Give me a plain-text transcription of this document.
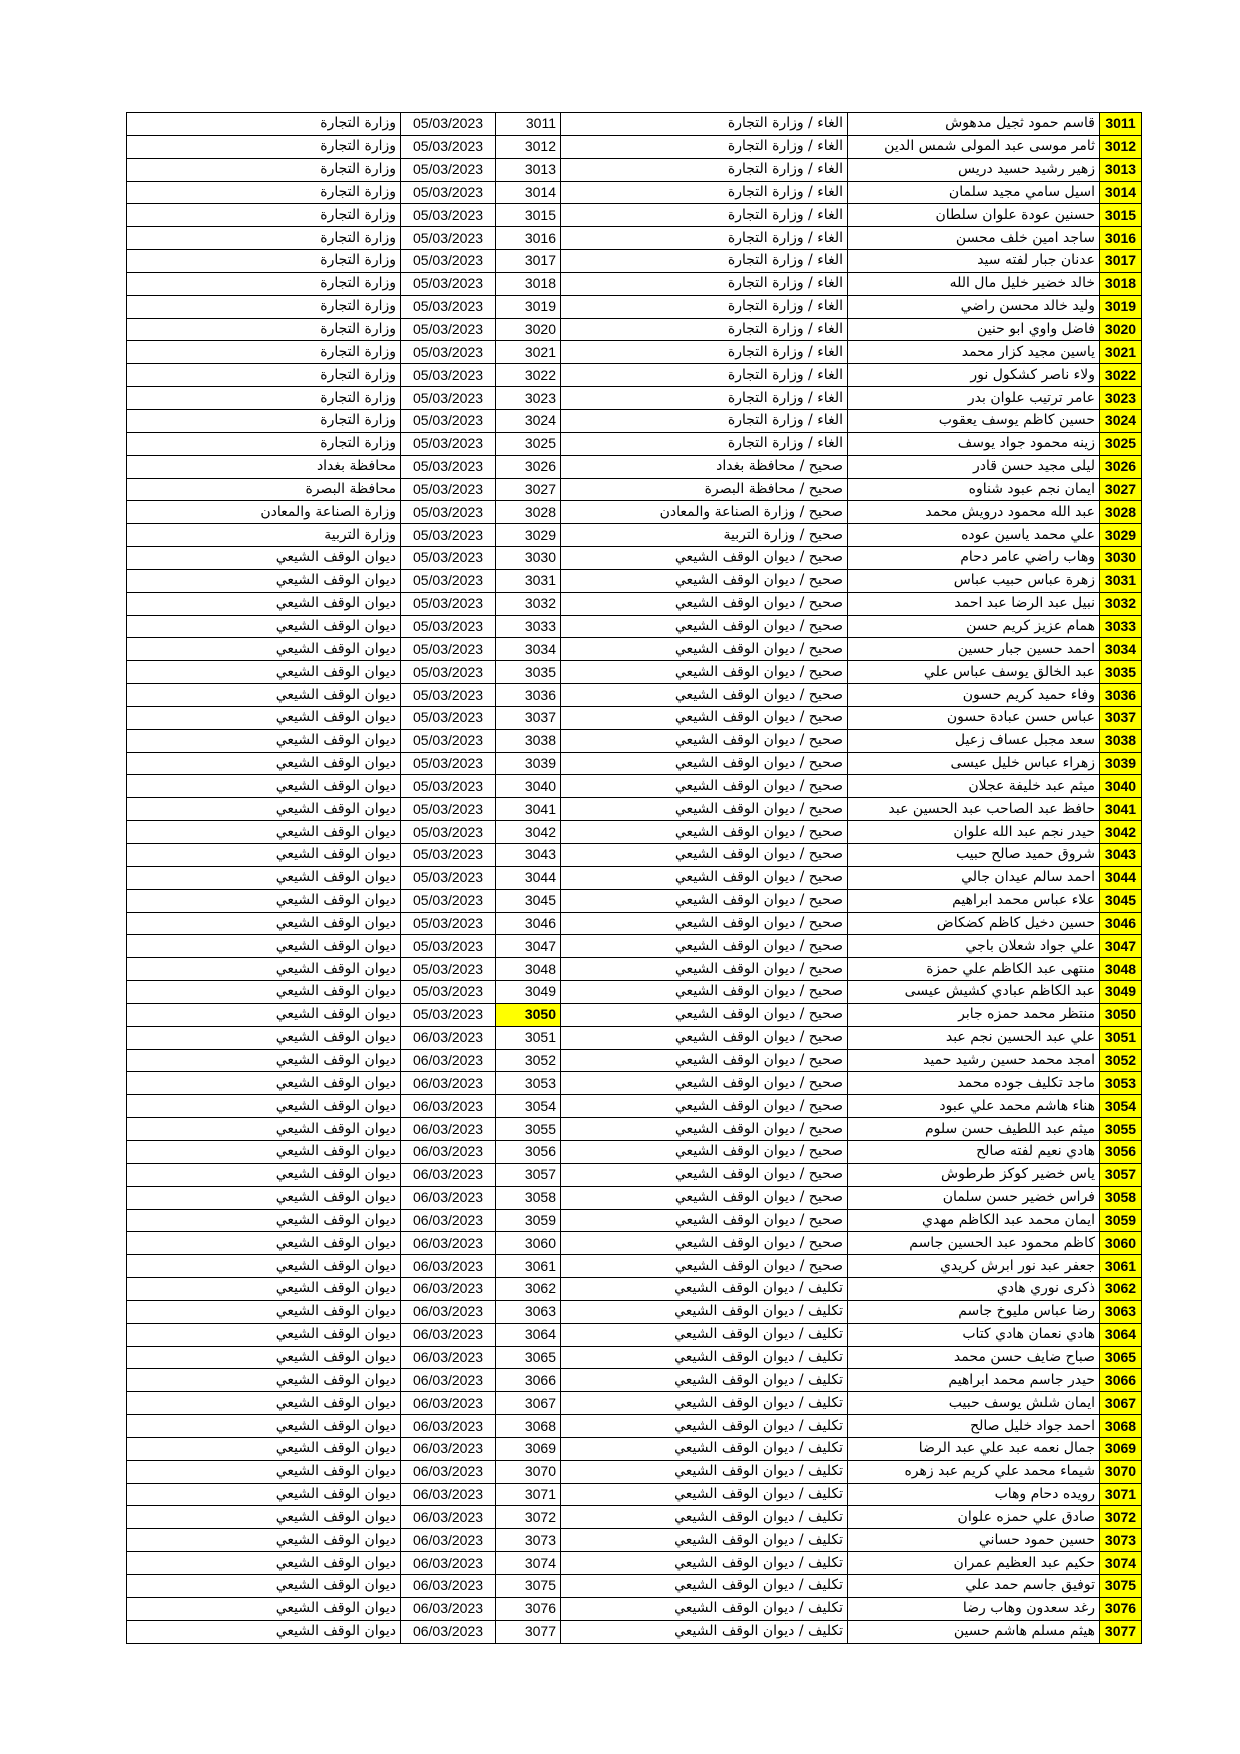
وزارة التجارة	05/03/2023	3011	الغاء / وزارة التجارة	قاسم حمود ثجيل مدهوش	3011
وزارة التجارة	05/03/2023	3012	الغاء / وزارة التجارة	ثامر موسى عبد المولى شمس الدين	3012
وزارة التجارة	05/03/2023	3013	الغاء / وزارة التجارة	زهير رشيد حسيد دريس	3013
وزارة التجارة	05/03/2023	3014	الغاء / وزارة التجارة	اسيل سامي مجيد سلمان	3014
وزارة التجارة	05/03/2023	3015	الغاء / وزارة التجارة	حسنين عودة علوان سلطان	3015
وزارة التجارة	05/03/2023	3016	الغاء / وزارة التجارة	ساجد امين خلف محسن	3016
وزارة التجارة	05/03/2023	3017	الغاء / وزارة التجارة	عدنان جبار لفته سيد	3017
وزارة التجارة	05/03/2023	3018	الغاء / وزارة التجارة	خالد خضير خليل مال الله	3018
وزارة التجارة	05/03/2023	3019	الغاء / وزارة التجارة	وليد خالد محسن راضي	3019
وزارة التجارة	05/03/2023	3020	الغاء / وزارة التجارة	فاضل واوي ابو حنين	3020
وزارة التجارة	05/03/2023	3021	الغاء / وزارة التجارة	ياسين مجيد كزار محمد	3021
وزارة التجارة	05/03/2023	3022	الغاء / وزارة التجارة	ولاء ناصر كشكول نور	3022
وزارة التجارة	05/03/2023	3023	الغاء / وزارة التجارة	عامر ترتيب علوان بدر	3023
وزارة التجارة	05/03/2023	3024	الغاء / وزارة التجارة	حسين كاظم يوسف يعقوب	3024
وزارة التجارة	05/03/2023	3025	الغاء / وزارة التجارة	زينه محمود جواد يوسف	3025
محافظة بغداد	05/03/2023	3026	صحيح / محافظة بغداد	ليلى مجيد حسن قادر	3026
محافظة البصرة	05/03/2023	3027	صحيح / محافظة البصرة	ايمان نجم عبود شناوه	3027
وزارة الصناعة والمعادن	05/03/2023	3028	صحيح / وزارة الصناعة والمعادن	عبد الله محمود درويش محمد	3028
وزارة التربية	05/03/2023	3029	صحيح / وزارة التربية	علي محمد ياسين عوده	3029
ديوان الوقف الشيعي	05/03/2023	3030	صحيح / ديوان الوقف الشيعي	وهاب راضي عامر دحام	3030
ديوان الوقف الشيعي	05/03/2023	3031	صحيح / ديوان الوقف الشيعي	زهرة عباس حبيب عباس	3031
ديوان الوقف الشيعي	05/03/2023	3032	صحيح / ديوان الوقف الشيعي	نبيل عبد الرضا عبد احمد	3032
ديوان الوقف الشيعي	05/03/2023	3033	صحيح / ديوان الوقف الشيعي	همام عزيز كريم حسن	3033
ديوان الوقف الشيعي	05/03/2023	3034	صحيح / ديوان الوقف الشيعي	احمد حسين جبار حسين	3034
ديوان الوقف الشيعي	05/03/2023	3035	صحيح / ديوان الوقف الشيعي	عبد الخالق يوسف عباس علي	3035
ديوان الوقف الشيعي	05/03/2023	3036	صحيح / ديوان الوقف الشيعي	وفاء حميد كريم حسون	3036
ديوان الوقف الشيعي	05/03/2023	3037	صحيح / ديوان الوقف الشيعي	عباس حسن عبادة حسون	3037
ديوان الوقف الشيعي	05/03/2023	3038	صحيح / ديوان الوقف الشيعي	سعد مجبل عساف زعيل	3038
ديوان الوقف الشيعي	05/03/2023	3039	صحيح / ديوان الوقف الشيعي	زهراء عباس خليل عيسى	3039
ديوان الوقف الشيعي	05/03/2023	3040	صحيح / ديوان الوقف الشيعي	ميثم عبد خليفة عجلان	3040
ديوان الوقف الشيعي	05/03/2023	3041	صحيح / ديوان الوقف الشيعي	حافظ عبد الصاحب عبد الحسين عبد	3041
ديوان الوقف الشيعي	05/03/2023	3042	صحيح / ديوان الوقف الشيعي	حيدر نجم عبد الله علوان	3042
ديوان الوقف الشيعي	05/03/2023	3043	صحيح / ديوان الوقف الشيعي	شروق حميد صالح حبيب	3043
ديوان الوقف الشيعي	05/03/2023	3044	صحيح / ديوان الوقف الشيعي	احمد سالم عيدان جالي	3044
ديوان الوقف الشيعي	05/03/2023	3045	صحيح / ديوان الوقف الشيعي	علاء عباس محمد ابراهيم	3045
ديوان الوقف الشيعي	05/03/2023	3046	صحيح / ديوان الوقف الشيعي	حسين دخيل كاظم كضكاض	3046
ديوان الوقف الشيعي	05/03/2023	3047	صحيح / ديوان الوقف الشيعي	علي جواد شعلان باجي	3047
ديوان الوقف الشيعي	05/03/2023	3048	صحيح / ديوان الوقف الشيعي	منتهى عبد الكاظم علي حمزة	3048
ديوان الوقف الشيعي	05/03/2023	3049	صحيح / ديوان الوقف الشيعي	عبد الكاظم عبادي كشيش عيسى	3049
ديوان الوقف الشيعي	05/03/2023	3050	صحيح / ديوان الوقف الشيعي	منتظر محمد حمزه جابر	3050
ديوان الوقف الشيعي	06/03/2023	3051	صحيح / ديوان الوقف الشيعي	علي عبد الحسين نجم عبد	3051
ديوان الوقف الشيعي	06/03/2023	3052	صحيح / ديوان الوقف الشيعي	امجد محمد حسين رشيد حميد	3052
ديوان الوقف الشيعي	06/03/2023	3053	صحيح / ديوان الوقف الشيعي	ماجد تكليف جوده محمد	3053
ديوان الوقف الشيعي	06/03/2023	3054	صحيح / ديوان الوقف الشيعي	هناء هاشم محمد علي عبود	3054
ديوان الوقف الشيعي	06/03/2023	3055	صحيح / ديوان الوقف الشيعي	ميثم عبد اللطيف حسن سلوم	3055
ديوان الوقف الشيعي	06/03/2023	3056	صحيح / ديوان الوقف الشيعي	هادي نعيم لفته صالح	3056
ديوان الوقف الشيعي	06/03/2023	3057	صحيح / ديوان الوقف الشيعي	ياس خضير كوكز طرطوش	3057
ديوان الوقف الشيعي	06/03/2023	3058	صحيح / ديوان الوقف الشيعي	فراس خضير حسن سلمان	3058
ديوان الوقف الشيعي	06/03/2023	3059	صحيح / ديوان الوقف الشيعي	ايمان محمد عبد الكاظم مهدي	3059
ديوان الوقف الشيعي	06/03/2023	3060	صحيح / ديوان الوقف الشيعي	كاظم محمود عبد الحسين جاسم	3060
ديوان الوقف الشيعي	06/03/2023	3061	صحيح / ديوان الوقف الشيعي	جعفر عبد نور ابرش كريدي	3061
ديوان الوقف الشيعي	06/03/2023	3062	تكليف / ديوان الوقف الشيعي	ذكرى نوري هادي	3062
ديوان الوقف الشيعي	06/03/2023	3063	تكليف / ديوان الوقف الشيعي	رضا عباس مليوخ جاسم	3063
ديوان الوقف الشيعي	06/03/2023	3064	تكليف / ديوان الوقف الشيعي	هادي نعمان هادي كتاب	3064
ديوان الوقف الشيعي	06/03/2023	3065	تكليف / ديوان الوقف الشيعي	صباح ضايف حسن محمد	3065
ديوان الوقف الشيعي	06/03/2023	3066	تكليف / ديوان الوقف الشيعي	حيدر جاسم محمد ابراهيم	3066
ديوان الوقف الشيعي	06/03/2023	3067	تكليف / ديوان الوقف الشيعي	ايمان شلش يوسف حبيب	3067
ديوان الوقف الشيعي	06/03/2023	3068	تكليف / ديوان الوقف الشيعي	احمد جواد خليل صالح	3068
ديوان الوقف الشيعي	06/03/2023	3069	تكليف / ديوان الوقف الشيعي	جمال نعمه عبد علي عبد الرضا	3069
ديوان الوقف الشيعي	06/03/2023	3070	تكليف / ديوان الوقف الشيعي	شيماء محمد علي كريم عبد زهره	3070
ديوان الوقف الشيعي	06/03/2023	3071	تكليف / ديوان الوقف الشيعي	رويده دحام وهاب	3071
ديوان الوقف الشيعي	06/03/2023	3072	تكليف / ديوان الوقف الشيعي	صادق علي حمزه علوان	3072
ديوان الوقف الشيعي	06/03/2023	3073	تكليف / ديوان الوقف الشيعي	حسين حمود حساني	3073
ديوان الوقف الشيعي	06/03/2023	3074	تكليف / ديوان الوقف الشيعي	حكيم عبد العظيم عمران	3074
ديوان الوقف الشيعي	06/03/2023	3075	تكليف / ديوان الوقف الشيعي	توفيق جاسم حمد علي	3075
ديوان الوقف الشيعي	06/03/2023	3076	تكليف / ديوان الوقف الشيعي	رغد سعدون وهاب رضا	3076
ديوان الوقف الشيعي	06/03/2023	3077	تكليف / ديوان الوقف الشيعي	هيثم مسلم هاشم حسين	3077
